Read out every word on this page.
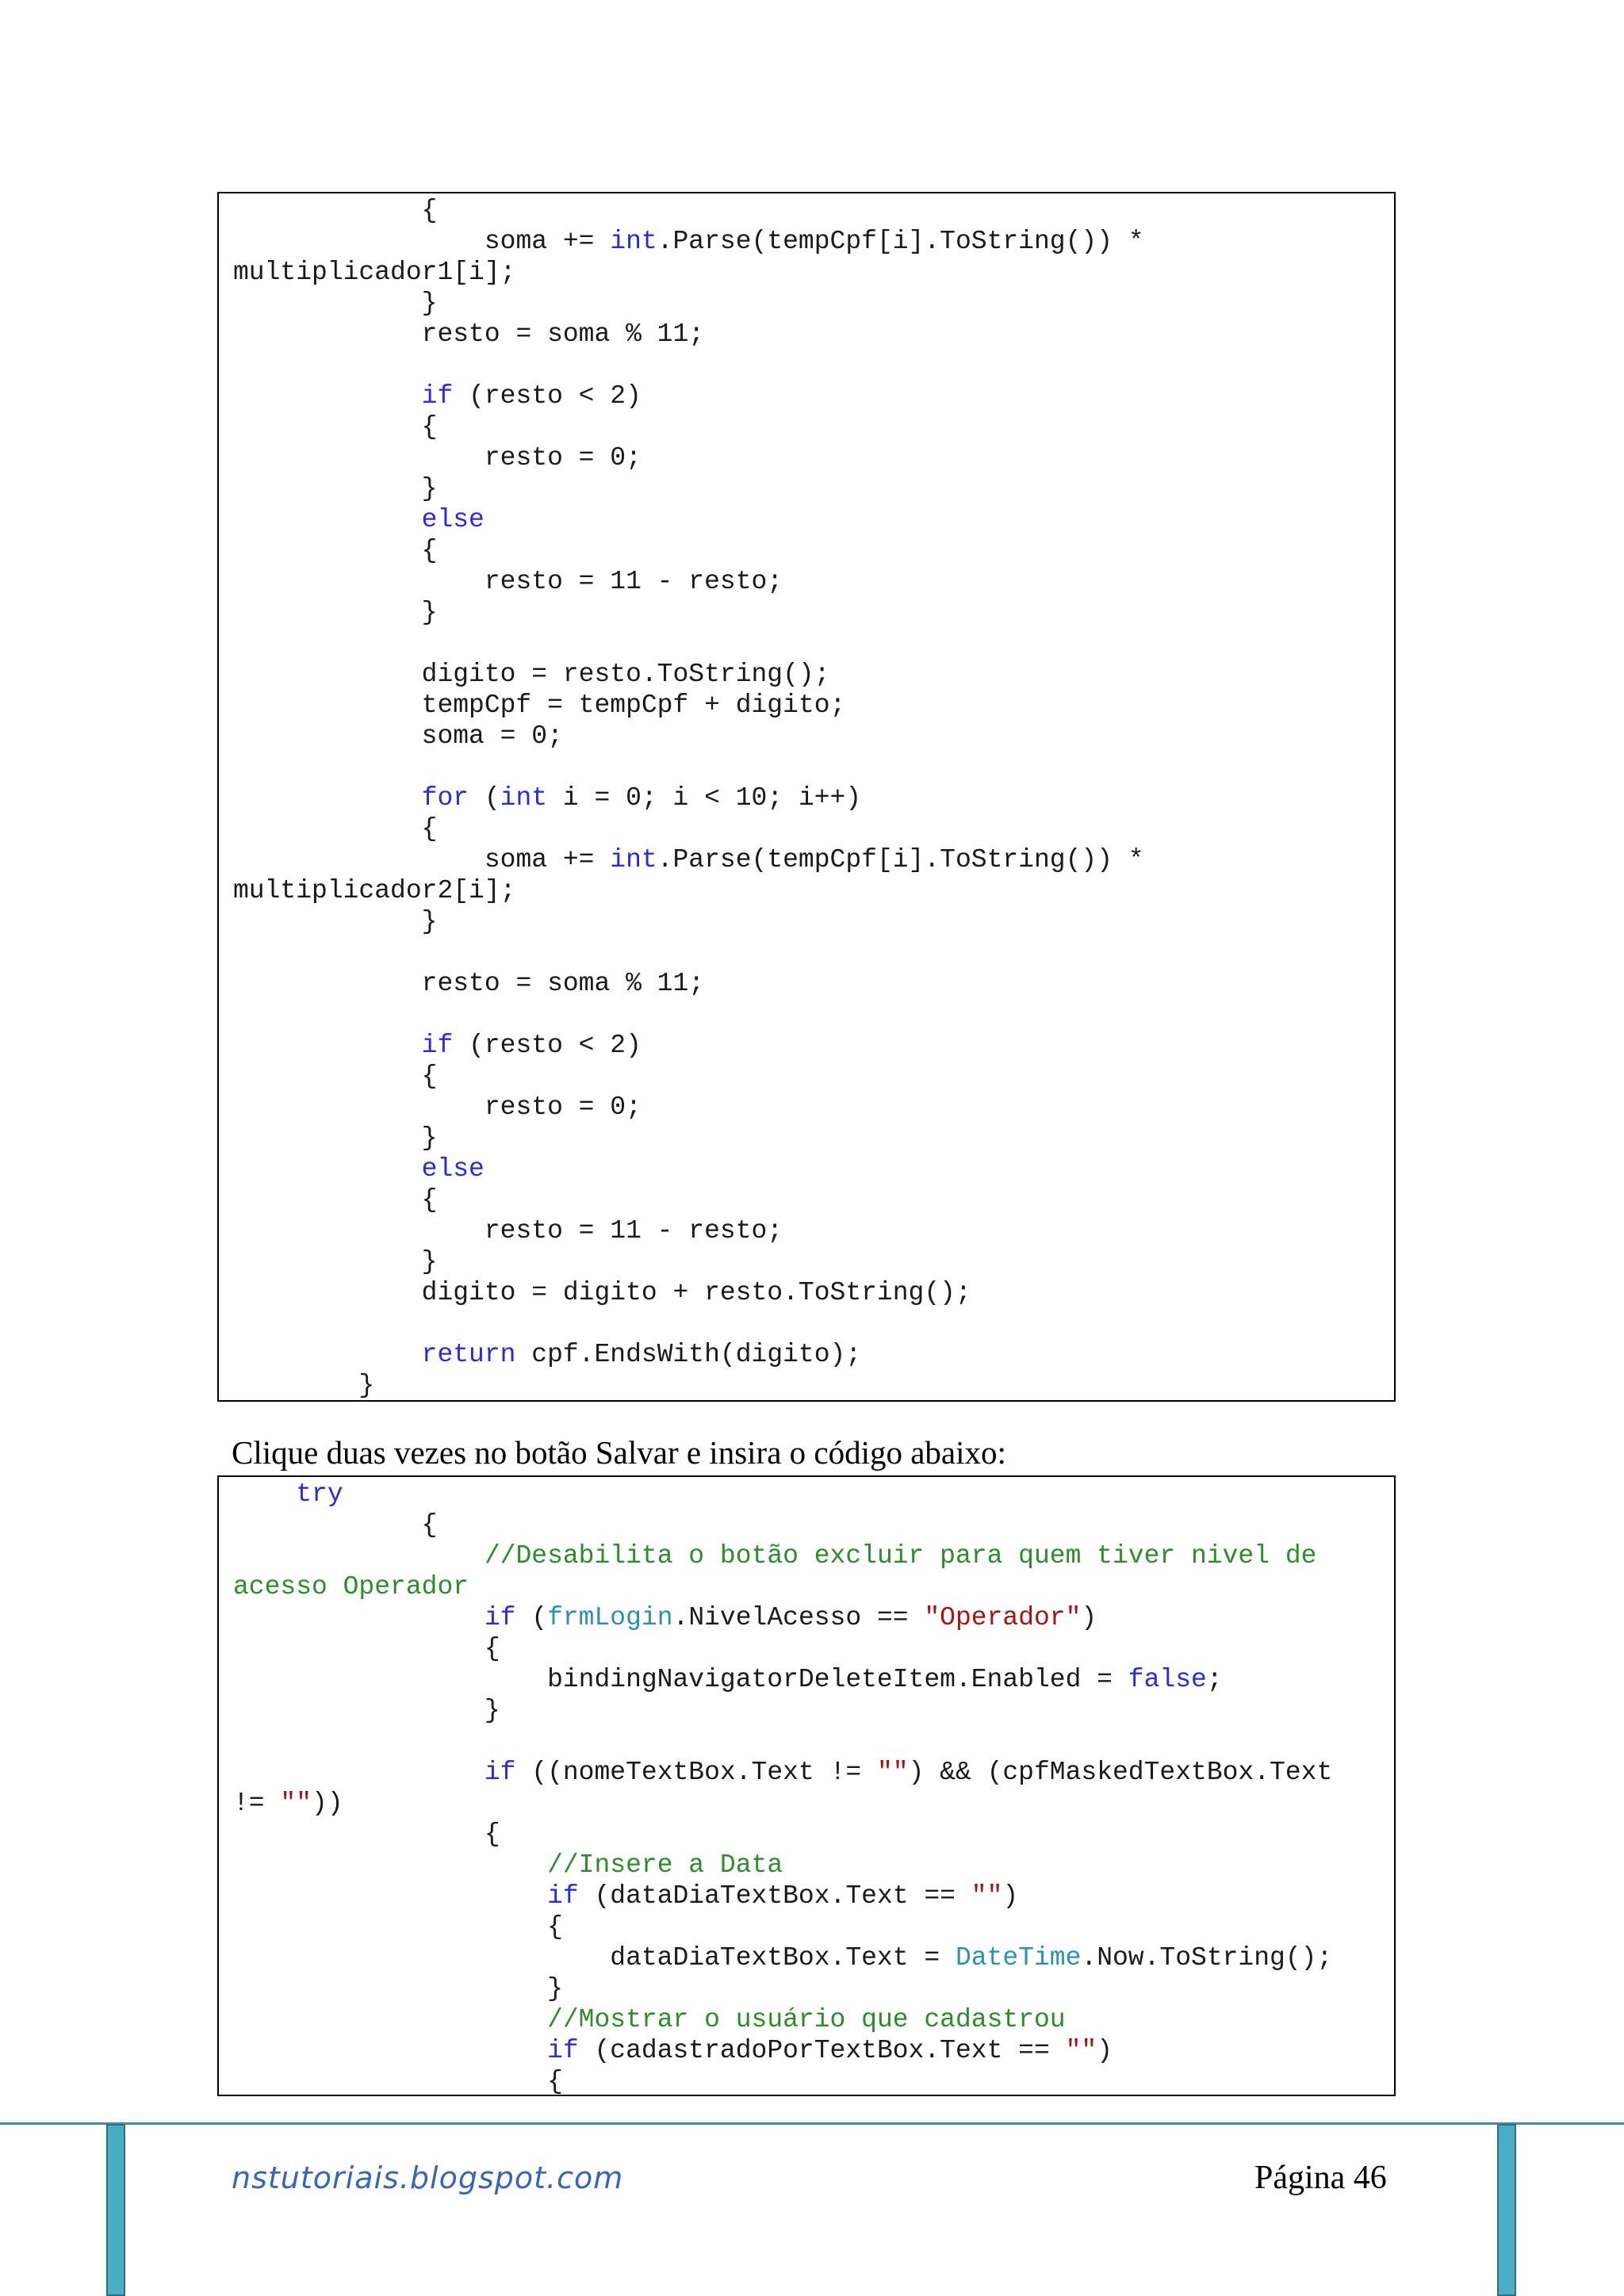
{
soma += int.Parse(tempCpf[i].ToString()) *
multiplicador1[i];
}
resto = soma % 11;
if (resto < 2)
{
resto = 0;
}
else
{
resto = 11 - resto;
}
digito = resto.ToString();
tempCpf = tempCpf + digito;
soma = 0;
for (int i = 0; i < 10; i++)
{
soma += int.Parse(tempCpf[i].ToString()) *
multiplicador2[i];
}
resto = soma % 11;
if (resto < 2)
{
resto = 0;
}
else
{
resto = 11 - resto;
}
digito = digito + resto.ToString();
return cpf.EndsWith(digito);
}

Clique duas vezes no botão Salvar e insira o código abaixo:

try
{
//Desabilita o botão excluir para quem tiver nivel de
acesso Operador
if (frmLogin.NivelAcesso == "Operador")
{
bindingNavigatorDeleteItem.Enabled = false;
}
if ((nomeTextBox.Text != "") && (cpfMaskedTextBox.Text
!= ""))
{
//Insere a Data
if (dataDiaTextBox.Text == "")
{
dataDiaTextBox.Text = DateTime.Now.ToString();
}
//Mostrar o usuário que cadastrou
if (cadastradoPorTextBox.Text == "")
{

nstutoriais.blogspot.com	Página 46
